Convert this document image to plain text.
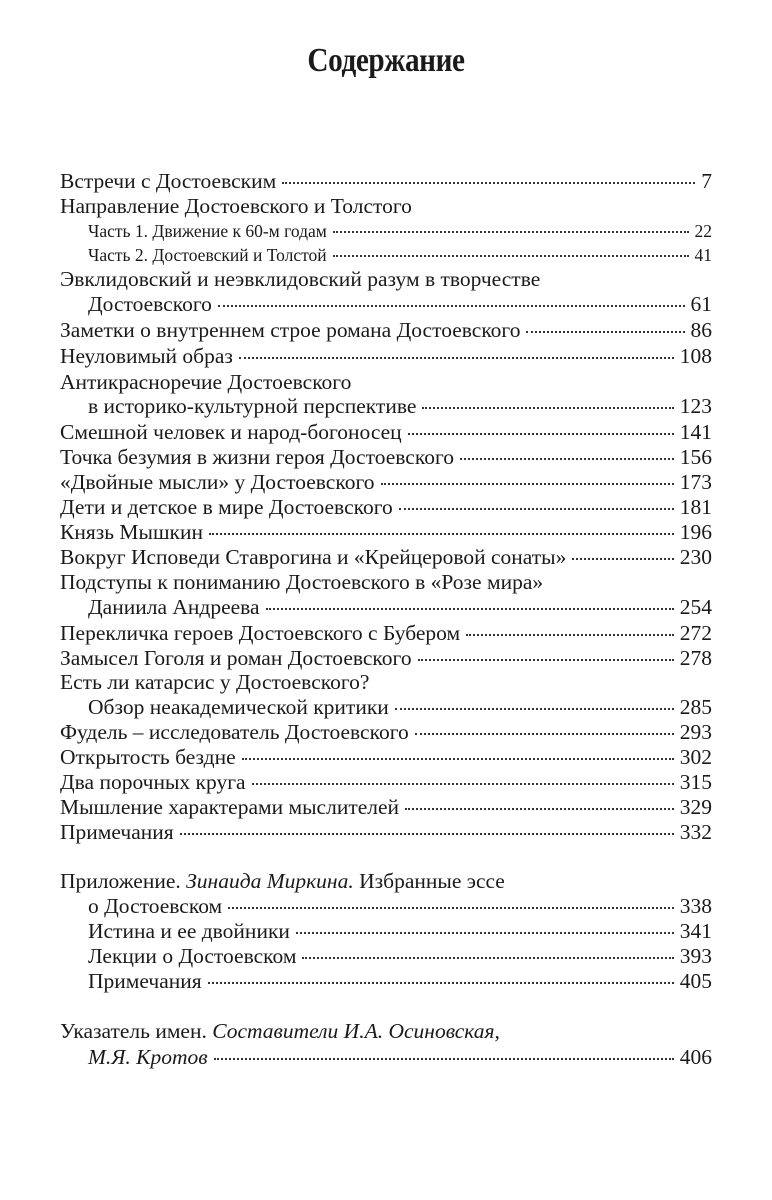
Содержание
Встречи с Достоевским	7
Направление Достоевского и Толстого
Часть 1. Движение к 60-м годам	22
Часть 2. Достоевский и Толстой	41
Эвклидовский и неэвклидовский разум в творчестве
Достоевского	61
Заметки о внутреннем строе романа Достоевского	86
Неуловимый образ	108
Антикрасноречие Достоевского
в историко-культурной перспективе	123
Смешной человек и народ-богоносец	141
Точка безумия в жизни героя Достоевского	156
«Двойные мысли» у Достоевского	173
Дети и детское в мире Достоевского	181
Князь Мышкин	196
Вокруг Исповеди Ставрогина и «Крейцеровой сонаты»	230
Подступы к пониманию Достоевского в «Розе мира»
Даниила Андреева	254
Перекличка героев Достоевского с Бубером	272
Замысел Гоголя и роман Достоевского	278
Есть ли катарсис у Достоевского?
Обзор неакадемической критики	285
Фудель – исследователь Достоевского	293
Открытость бездне	302
Два порочных круга	315
Мышление характерами мыслителей	329
Примечания	332
Приложение. Зинаида Миркина. Избранные эссе
о Достоевском	338
Истина и ее двойники	341
Лекции о Достоевском	393
Примечания	405
Указатель имен. Составители И.А. Осиновская,
М.Я. Кротов	406
